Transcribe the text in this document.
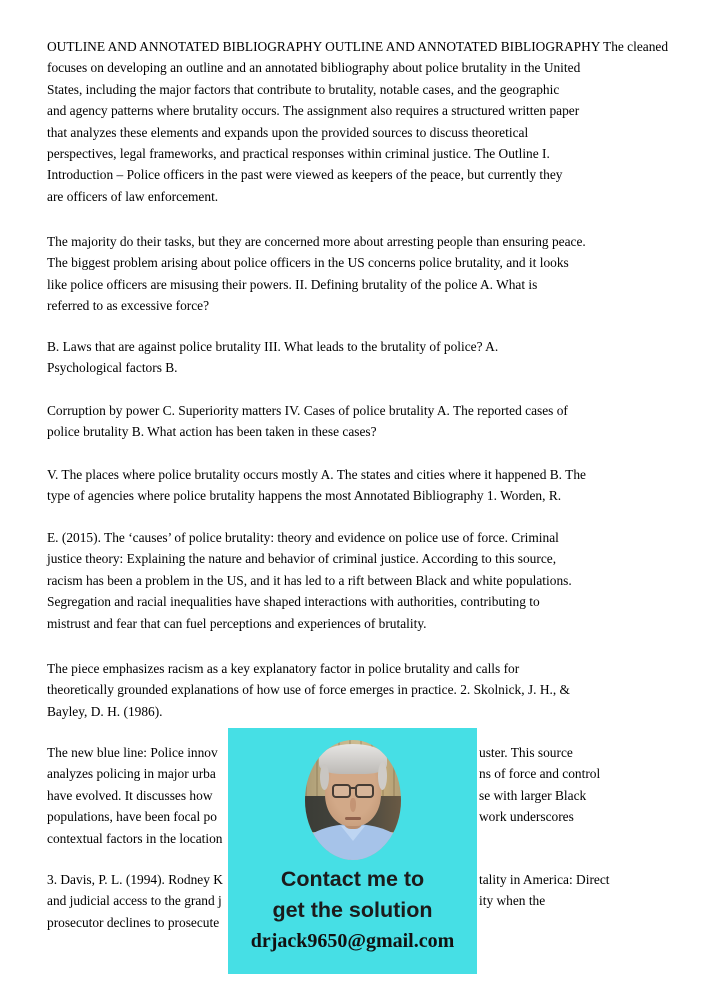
OUTLINE AND ANNOTATED BIBLIOGRAPHY OUTLINE AND ANNOTATED BIBLIOGRAPHY The cleaned
focuses on developing an outline and an annotated bibliography about police brutality in the United
States, including the major factors that contribute to brutality, notable cases, and the geographic
and agency patterns where brutality occurs. The assignment also requires a structured written paper
that analyzes these elements and expands upon the provided sources to discuss theoretical
perspectives, legal frameworks, and practical responses within criminal justice. The Outline I.
Introduction – Police officers in the past were viewed as keepers of the peace, but currently they
are officers of law enforcement.
The majority do their tasks, but they are concerned more about arresting people than ensuring peace.
The biggest problem arising about police officers in the US concerns police brutality, and it looks
like police officers are misusing their powers. II. Defining brutality of the police A. What is
referred to as excessive force?
B. Laws that are against police brutality III. What leads to the brutality of police? A.
Psychological factors B.
Corruption by power C. Superiority matters IV. Cases of police brutality A. The reported cases of
police brutality B. What action has been taken in these cases?
V. The places where police brutality occurs mostly A. The states and cities where it happened B. The
type of agencies where police brutality happens the most Annotated Bibliography 1. Worden, R.
E. (2015). The ‘causes’ of police brutality: theory and evidence on police use of force. Criminal
justice theory: Explaining the nature and behavior of criminal justice. According to this source,
racism has been a problem in the US, and it has led to a rift between Black and white populations.
Segregation and racial inequalities have shaped interactions with authorities, contributing to
mistrust and fear that can fuel perceptions and experiences of brutality.
The piece emphasizes racism as a key explanatory factor in police brutality and calls for
theoretically grounded explanations of how use of force emerges in practice. 2. Skolnick, J. H., &
Bayley, D. H. (1986).
The new blue line: Police innov	uster. This source
analyzes policing in major urba	ns of force and control
have evolved. It discusses how	se with larger Black
populations, have been focal po	work underscores
contextual factors in the location
3. Davis, P. L. (1994). Rodney K	tality in America: Direct
and judicial access to the grand j	ity when the
prosecutor declines to prosecute
Contact me to
get the solution
drjack9650@gmail.com
